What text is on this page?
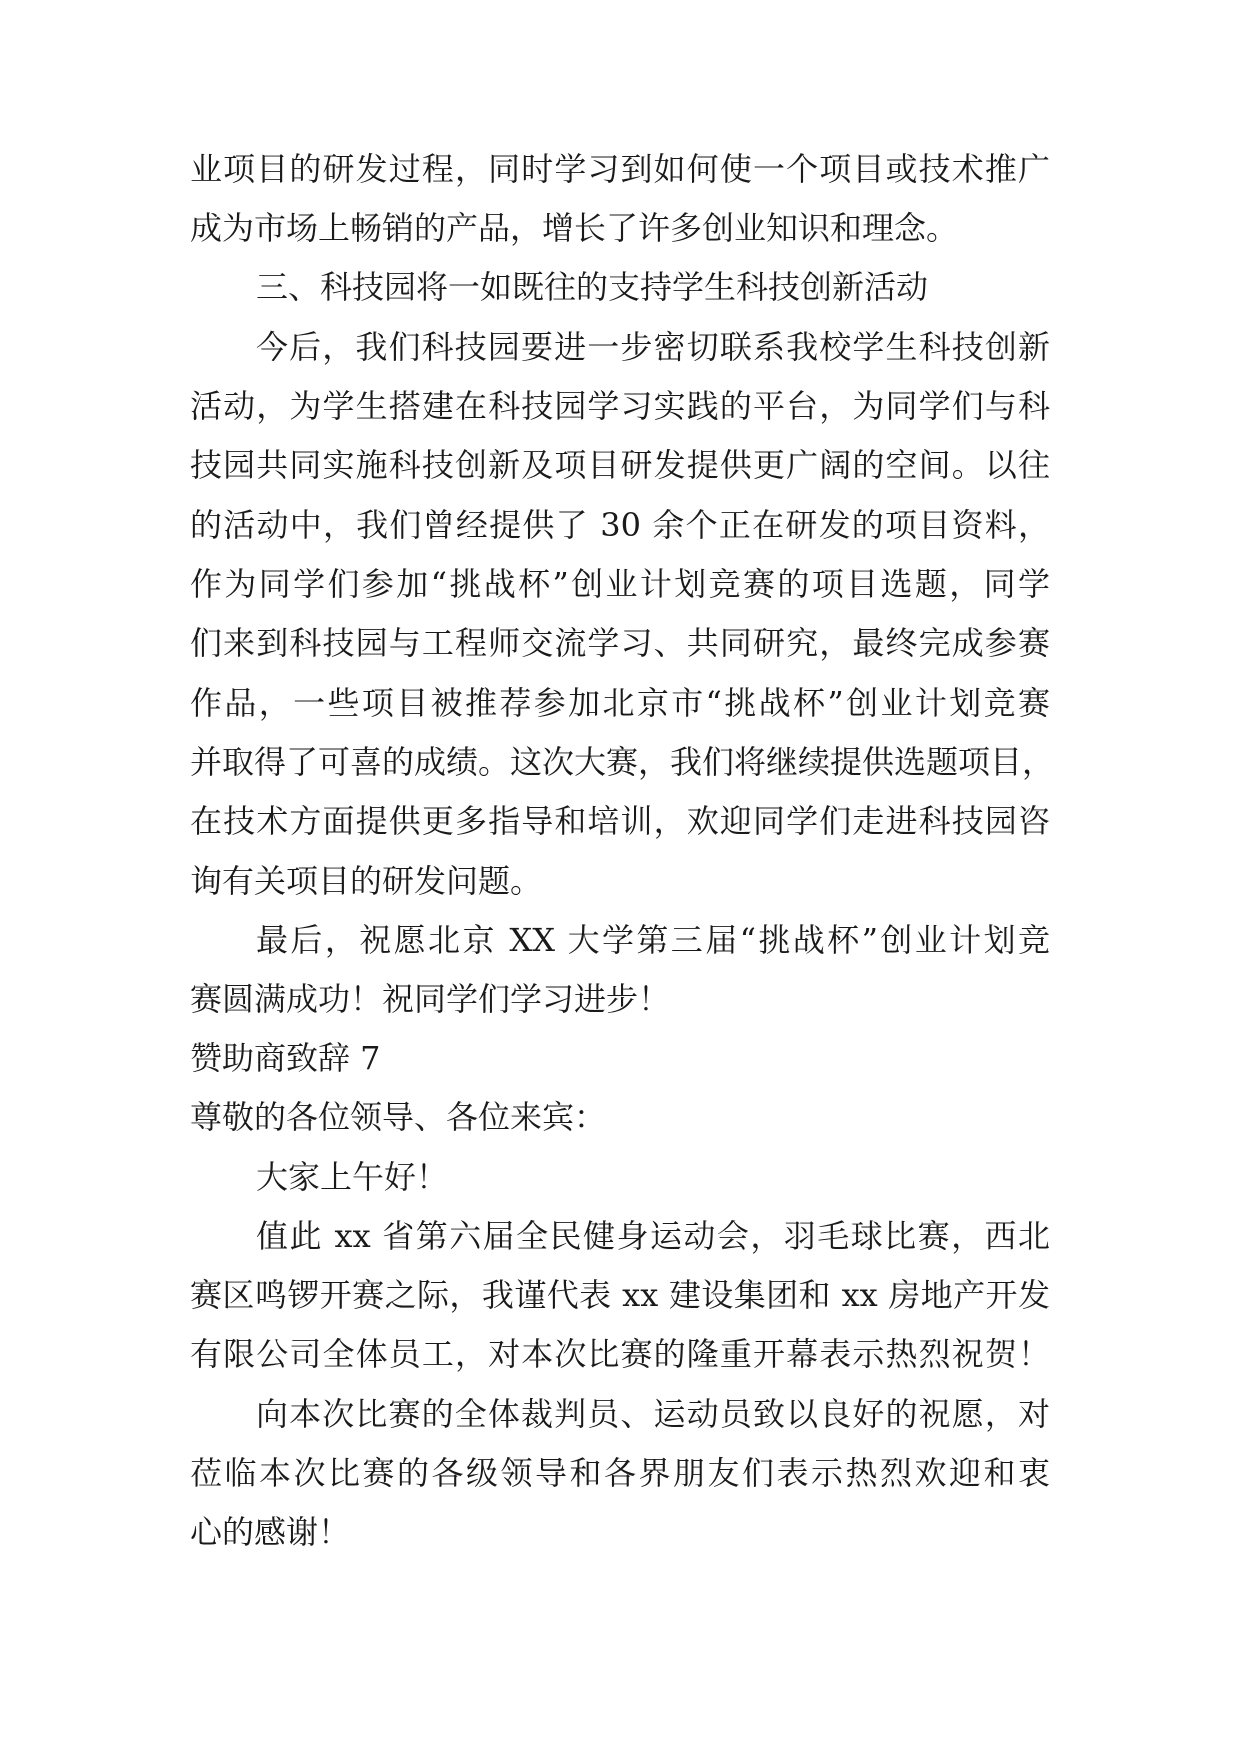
业项目的研发过程，同时学习到如何使一个项目或技术推广
成为市场上畅销的产品，增长了许多创业知识和理念。
三、科技园将一如既往的支持学生科技创新活动
今后，我们科技园要进一步密切联系我校学生科技创新
活动，为学生搭建在科技园学习实践的平台，为同学们与科
技园共同实施科技创新及项目研发提供更广阔的空间。以往
的活动中，我们曾经提供了 30 余个正在研发的项目资料，
作为同学们参加“挑战杯”创业计划竞赛的项目选题，同学
们来到科技园与工程师交流学习、共同研究，最终完成参赛
作品，一些项目被推荐参加北京市“挑战杯”创业计划竞赛
并取得了可喜的成绩。这次大赛，我们将继续提供选题项目，
在技术方面提供更多指导和培训，欢迎同学们走进科技园咨
询有关项目的研发问题。
最后，祝愿北京 XX 大学第三届“挑战杯”创业计划竞
赛圆满成功！祝同学们学习进步！
赞助商致辞 7
尊敬的各位领导、各位来宾：
大家上午好！
值此 xx 省第六届全民健身运动会，羽毛球比赛，西北
赛区鸣锣开赛之际，我谨代表 xx 建设集团和 xx 房地产开发
有限公司全体员工，对本次比赛的隆重开幕表示热烈祝贺！
向本次比赛的全体裁判员、运动员致以良好的祝愿，对
莅临本次比赛的各级领导和各界朋友们表示热烈欢迎和衷
心的感谢！
